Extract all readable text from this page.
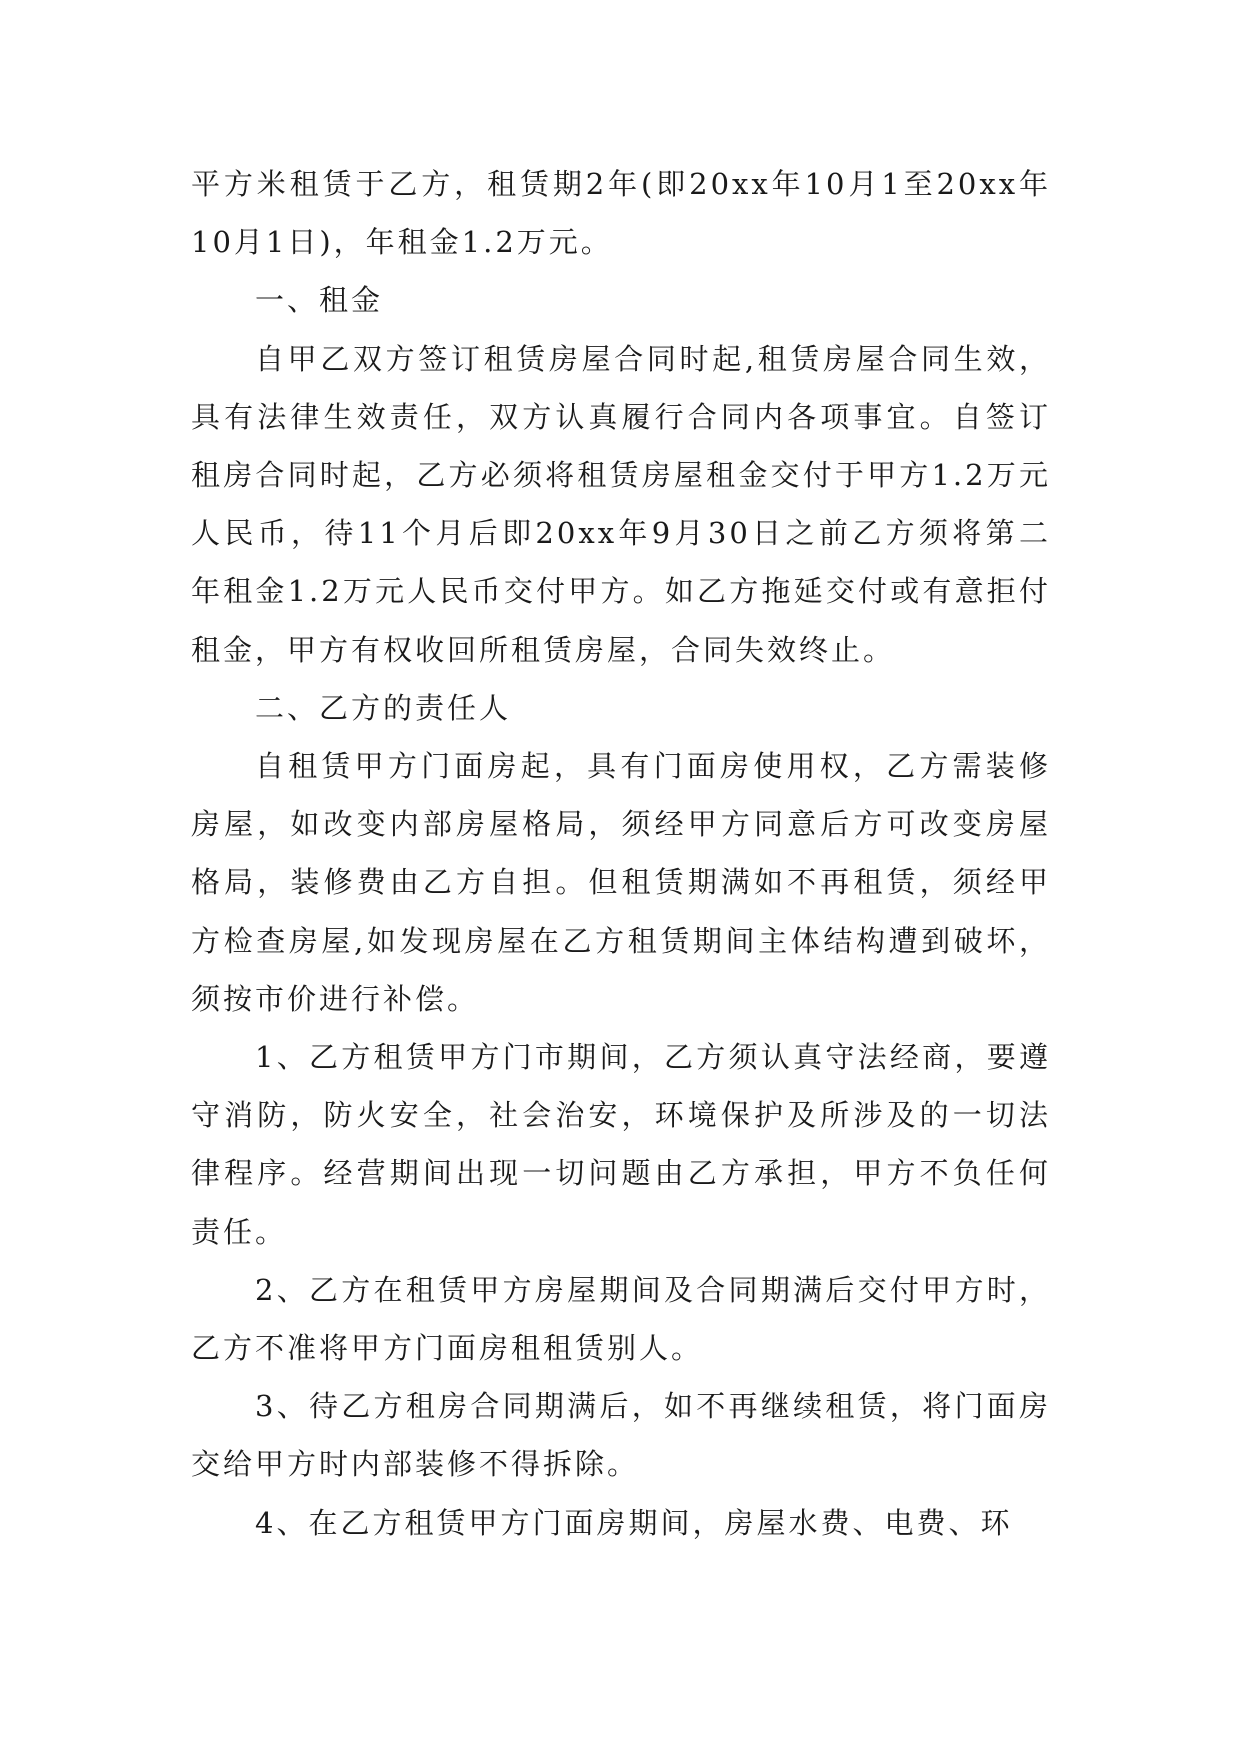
平方米租赁于乙方，租赁期2年(即20xx年10月1至20xx年10月1日)，年租金1.2万元。

一、租金

自甲乙双方签订租赁房屋合同时起,租赁房屋合同生效，具有法律生效责任，双方认真履行合同内各项事宜。自签订租房合同时起，乙方必须将租赁房屋租金交付于甲方1.2万元人民币，待11个月后即20xx年9月30日之前乙方须将第二年租金1.2万元人民币交付甲方。如乙方拖延交付或有意拒付租金，甲方有权收回所租赁房屋，合同失效终止。

二、乙方的责任人

自租赁甲方门面房起，具有门面房使用权，乙方需装修房屋，如改变内部房屋格局，须经甲方同意后方可改变房屋格局，装修费由乙方自担。但租赁期满如不再租赁，须经甲方检查房屋,如发现房屋在乙方租赁期间主体结构遭到破坏，须按市价进行补偿。

1、乙方租赁甲方门市期间，乙方须认真守法经商，要遵守消防，防火安全，社会治安，环境保护及所涉及的一切法律程序。经营期间出现一切问题由乙方承担，甲方不负任何责任。

2、乙方在租赁甲方房屋期间及合同期满后交付甲方时，乙方不准将甲方门面房租租赁别人。

3、待乙方租房合同期满后，如不再继续租赁，将门面房交给甲方时内部装修不得拆除。

4、在乙方租赁甲方门面房期间，房屋水费、电费、环
